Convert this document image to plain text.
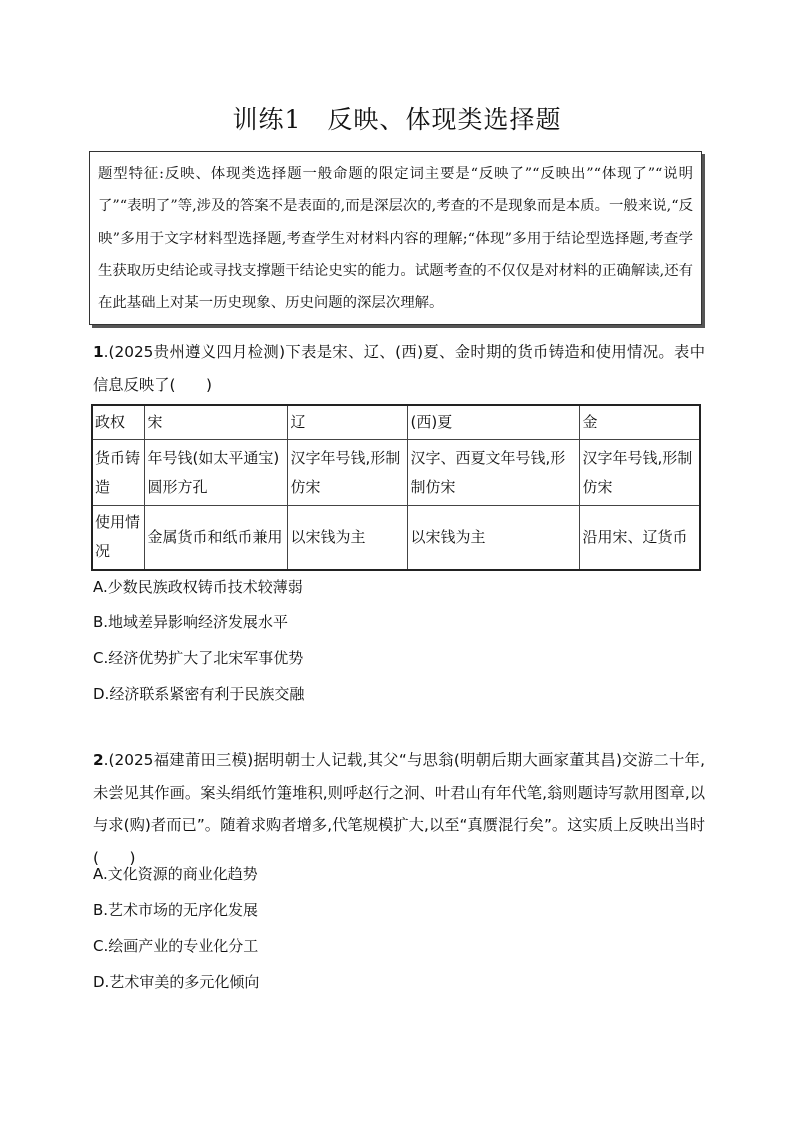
训练1　反映、体现类选择题
题型特征:反映、体现类选择题一般命题的限定词主要是“反映了”“反映出”“体现了”“说明了”“表明了”等,涉及的答案不是表面的,而是深层次的,考查的不是现象而是本质。一般来说,“反映”多用于文字材料型选择题,考查学生对材料内容的理解;“体现”多用于结论型选择题,考查学生获取历史结论或寻找支撑题干结论史实的能力。试题考查的不仅仅是对材料的正确解读,还有在此基础上对某一历史现象、历史问题的深层次理解。
1.(2025贵州遵义四月检测)下表是宋、辽、(西)夏、金时期的货币铸造和使用情况。表中信息反映了(　　)
政权	宋	辽	(西)夏	金
货币铸造	年号钱(如太平通宝)圆形方孔	汉字年号钱,形制仿宋	汉字、西夏文年号钱,形制仿宋	汉字年号钱,形制仿宋
使用情况	金属货币和纸币兼用	以宋钱为主	以宋钱为主	沿用宋、辽货币
A.少数民族政权铸币技术较薄弱
B.地域差异影响经济发展水平
C.经济优势扩大了北宋军事优势
D.经济联系紧密有利于民族交融
2.(2025福建莆田三模)据明朝士人记载,其父“与思翁(明朝后期大画家董其昌)交游二十年,未尝见其作画。案头绢纸竹箑堆积,则呼赵行之泂、叶君山有年代笔,翁则题诗写款用图章,以与求(购)者而已”。随着求购者增多,代笔规模扩大,以至“真赝混行矣”。这实质上反映出当时(　　)
A.文化资源的商业化趋势
B.艺术市场的无序化发展
C.绘画产业的专业化分工
D.艺术审美的多元化倾向
